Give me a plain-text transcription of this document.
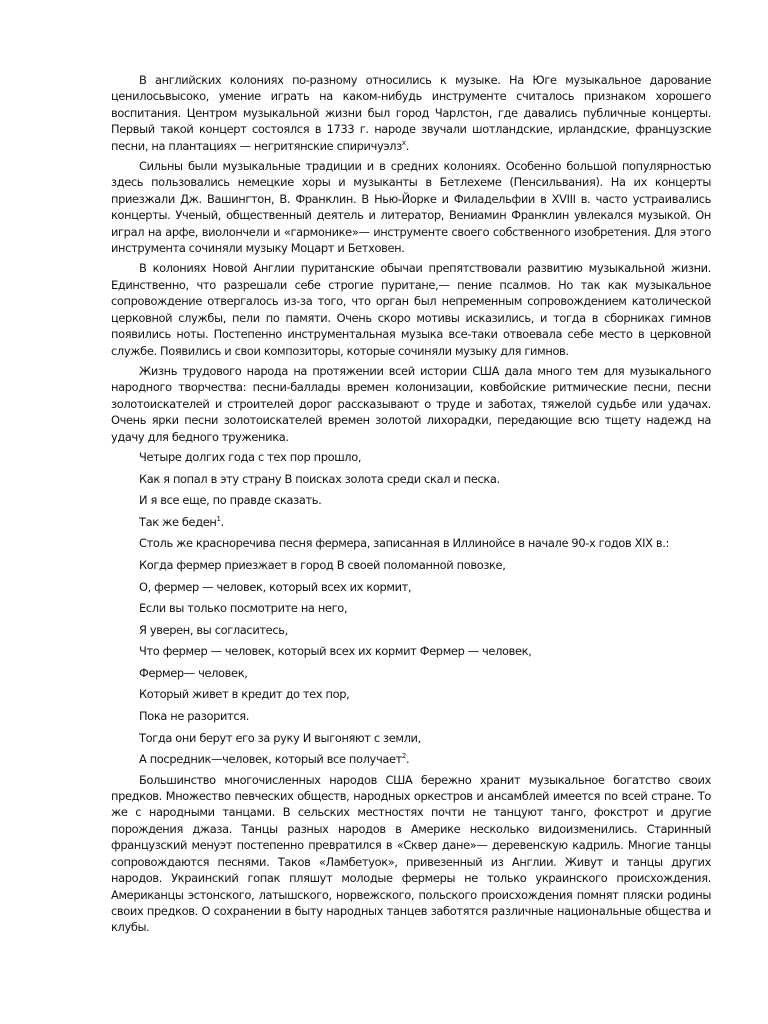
В английских колониях по-разному относились к музыке. На Юге музыкальное дарование ценилосьвысоко, умение играть на каком-нибудь инструменте считалось признаком хорошего воспитания. Центром музыкальной жизни был город Чарлстон, где давались публичные концерты. Первый такой концерт состоялся в 1733 г. народе звучали шотландские, ирландские, французские песни, на плантациях — негритянские спиричуэлз$^x$.

Сильны были музыкальные традиции и в средних колониях. Особенно большой популярностью здесь пользовались немецкие хоры и музыканты в Бетлехеме (Пенсильвания). На их концерты приезжали Дж. Вашингтон, В. Франклин. В Нью-Йорке и Филадельфии в XVIII в. часто устраивались концерты. Ученый, общественный деятель и литератор, Вениамин Франклин увлекался музыкой. Он играл на арфе, виолончели и «гармонике»— инструменте своего собственного изобретения. Для этого инструмента сочиняли музыку Моцарт и Бетховен.

В колониях Новой Англии пуританские обычаи препятствовали развитию музыкальной жизни. Единственно, что разрешали себе строгие пуритане,— пение псалмов. Но так как музыкальное сопровождение отвергалось из-за того, что орган был непременным сопровождением католической церковной службы, пели по памяти. Очень скоро мотивы исказились, и тогда в сборниках гимнов появились ноты. Постепенно инструментальная музыка все-таки отвоевала себе место в церковной службе. Появились и свои композиторы, которые сочиняли музыку для гимнов.

Жизнь трудового народа на протяжении всей истории США дала много тем для музыкального народного творчества: песни-баллады времен колонизации, ковбойские ритмические песни, песни золотоискателей и строителей дорог рассказывают о труде и заботах, тяжелой судьбе или удачах. Очень ярки песни золотоискателей времен золотой лихорадки, передающие всю тщету надежд на удачу для бедного труженика.

Четыре долгих года с тех пор прошло,

Как я попал в эту страну В поисках золота среди скал и песка.

И я все еще, по правде сказать.

Так же беден$^1$.

Столь же красноречива песня фермера, записанная в Иллинойсе в начале 90-х годов XIX в.:

Когда фермер приезжает в город В своей поломанной повозке,

О, фермер — человек, который всех их кормит,

Если вы только посмотрите на него,

Я уверен, вы согласитесь,

Что фермер — человек, который всех их кормит Фермер — человек,

Фермер— человек,

Который живет в кредит до тех пор,

Пока не разорится.

Тогда они берут его за руку И выгоняют с земли,

А посредник—человек, который все получает$^2$.

Большинство многочисленных народов США бережно хранит музыкальное богатство своих предков. Множество певческих обществ, народных оркестров и ансамблей имеется по всей стране. То же с народными танцами. В сельских местностях почти не танцуют танго, фокстрот и другие порождения джаза. Танцы разных народов в Америке несколько видоизменились. Старинный французский менуэт постепенно превратился в «Сквер дане»— деревенскую кадриль. Многие танцы сопровождаются песнями. Таков «Ламбетуок», привезенный из Англии. Живут и танцы других народов. Украинский гопак пляшут молодые фермеры не только украинского происхождения. Американцы эстонского, латышского, норвежского, польского происхождения помнят пляски родины своих предков. О сохранении в быту народных танцев заботятся различные национальные общества и клубы.
